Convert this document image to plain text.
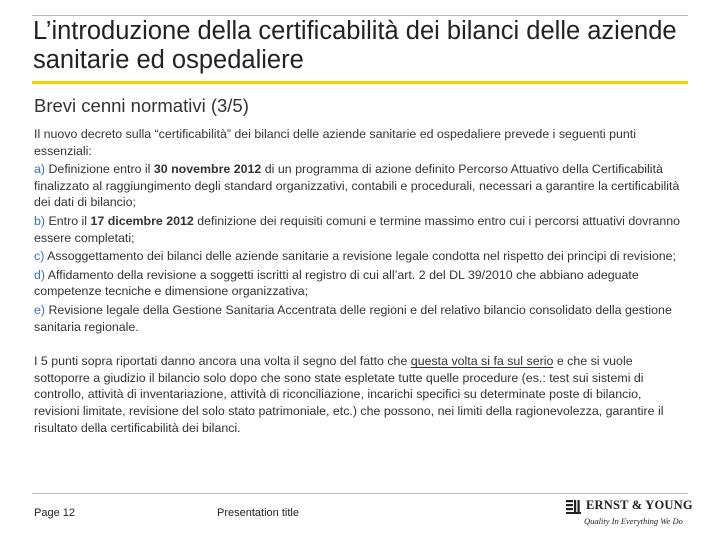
L’introduzione della certificabilità dei bilanci delle aziende sanitarie ed ospedaliere
Brevi cenni normativi (3/5)

Il nuovo decreto sulla “certificabilità” dei bilanci delle aziende sanitarie ed ospedaliere prevede i seguenti punti essenziali:

a) Definizione entro il 30 novembre 2012 di un programma di azione definito Percorso Attuativo della Certificabilità finalizzato al raggiungimento degli standard organizzativi, contabili e procedurali, necessari a garantire la certificabilità dei dati di bilancio;

b) Entro il 17 dicembre 2012 definizione dei requisiti comuni e termine massimo entro cui i percorsi attuativi dovranno essere completati;

c) Assoggettamento dei bilanci delle aziende sanitarie a revisione legale condotta nel rispetto dei principi di revisione;

d) Affidamento della revisione a soggetti iscritti al registro di cui all’art. 2 del DL 39/2010 che abbiano adeguate competenze tecniche e dimensione organizzativa;

e) Revisione legale della Gestione Sanitaria Accentrata delle regioni e del relativo bilancio consolidato della gestione sanitaria regionale.

I 5 punti sopra riportati danno ancora una volta il segno del fatto che questa volta si fa sul serio e che si vuole sottoporre a giudizio il bilancio solo dopo che sono state espletate tutte quelle procedure (es.: test sui sistemi di controllo, attività di inventariazione, attività di riconciliazione, incarichi specifici su determinate poste di bilancio, revisioni limitate, revisione del solo stato patrimoniale, etc.) che possono, nei limiti della ragionevolezza, garantire il risultato della certificabilità dei bilanci.

Page 12	Presentation title
ERNST & YOUNG
Quality In Everything We Do
